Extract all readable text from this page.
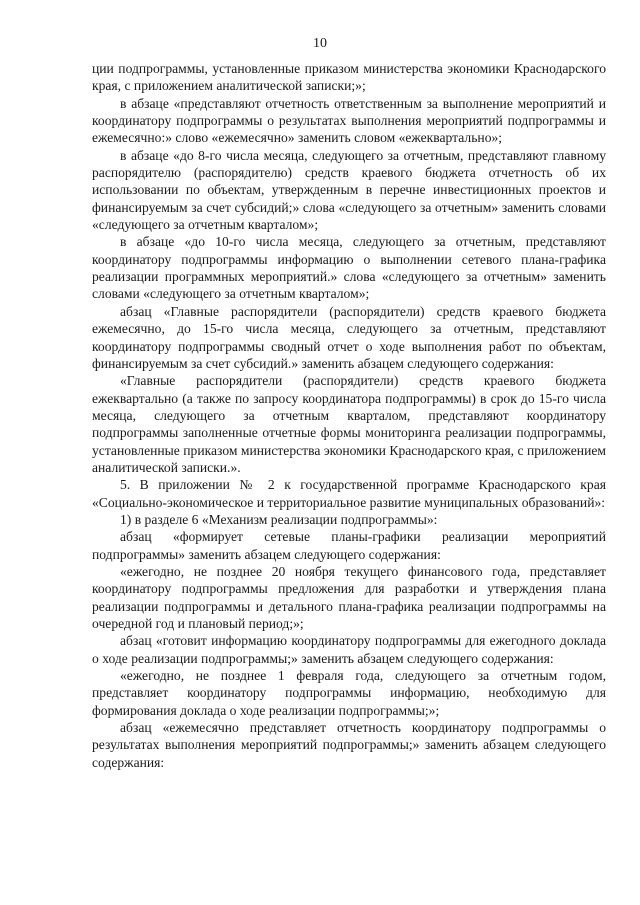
10

ции подпрограммы, установленные приказом министерства экономики Краснодарского края, с приложением аналитической записки;»;

в абзаце «представляют отчетность ответственным за выполнение мероприятий и координатору подпрограммы о результатах выполнения мероприятий подпрограммы и ежемесячно:» слово «ежемесячно» заменить словом «ежеквартально»;

в абзаце «до 8-го числа месяца, следующего за отчетным, представляют главному распорядителю (распорядителю) средств краевого бюджета отчетность об их использовании по объектам, утвержденным в перечне инвестиционных проектов и финансируемым за счет субсидий;» слова «следующего за отчетным» заменить словами «следующего за отчетным кварталом»;

в абзаце «до 10-го числа месяца, следующего за отчетным, представляют координатору подпрограммы информацию о выполнении сетевого плана-графика реализации программных мероприятий.» слова «следующего за отчетным» заменить словами «следующего за отчетным кварталом»;

абзац «Главные распорядители (распорядители) средств краевого бюджета ежемесячно, до 15-го числа месяца, следующего за отчетным, представляют координатору подпрограммы сводный отчет о ходе выполнения работ по объектам, финансируемым за счет субсидий.» заменить абзацем следующего содержания:

«Главные распорядители (распорядители) средств краевого бюджета ежеквартально (а также по запросу координатора подпрограммы) в срок до 15-го числа месяца, следующего за отчетным кварталом, представляют координатору подпрограммы заполненные отчетные формы мониторинга реализации подпрограммы, установленные приказом министерства экономики Краснодарского края, с приложением аналитической записки.».

5. В приложении № 2 к государственной программе Краснодарского края «Социально-экономическое и территориальное развитие муниципальных образований»:

1) в разделе 6 «Механизм реализации подпрограммы»:

абзац «формирует сетевые планы-графики реализации мероприятий подпрограммы» заменить абзацем следующего содержания:

«ежегодно, не позднее 20 ноября текущего финансового года, представляет координатору подпрограммы предложения для разработки и утверждения плана реализации подпрограммы и детального плана-графика реализации подпрограммы на очередной год и плановый период;»;

абзац «готовит информацию координатору подпрограммы для ежегодного доклада о ходе реализации подпрограммы;» заменить абзацем следующего содержания:

«ежегодно, не позднее 1 февраля года, следующего за отчетным годом, представляет координатору подпрограммы информацию, необходимую для формирования доклада о ходе реализации подпрограммы;»;

абзац «ежемесячно представляет отчетность координатору подпрограммы о результатах выполнения мероприятий подпрограммы;» заменить абзацем следующего содержания:
